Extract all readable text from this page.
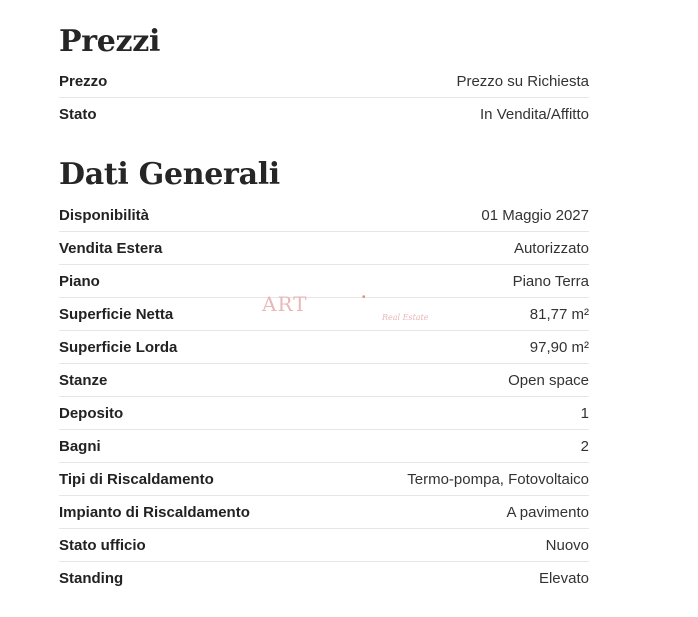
Prezzi
Prezzo	Prezzo su Richiesta
Stato	In Vendita/Affitto
Dati Generali
Disponibilità	01 Maggio 2027
Vendita Estera	Autorizzato
Piano	Piano Terra
Superficie Netta	81,77 m²
Superficie Lorda	97,90 m²
Stanze	Open space
Deposito	1
Bagni	2
Tipi di Riscaldamento	Termo-pompa, Fotovoltaico
Impianto di Riscaldamento	A pavimento
Stato ufficio	Nuovo
Standing	Elevato
ART	•
Real Estate
